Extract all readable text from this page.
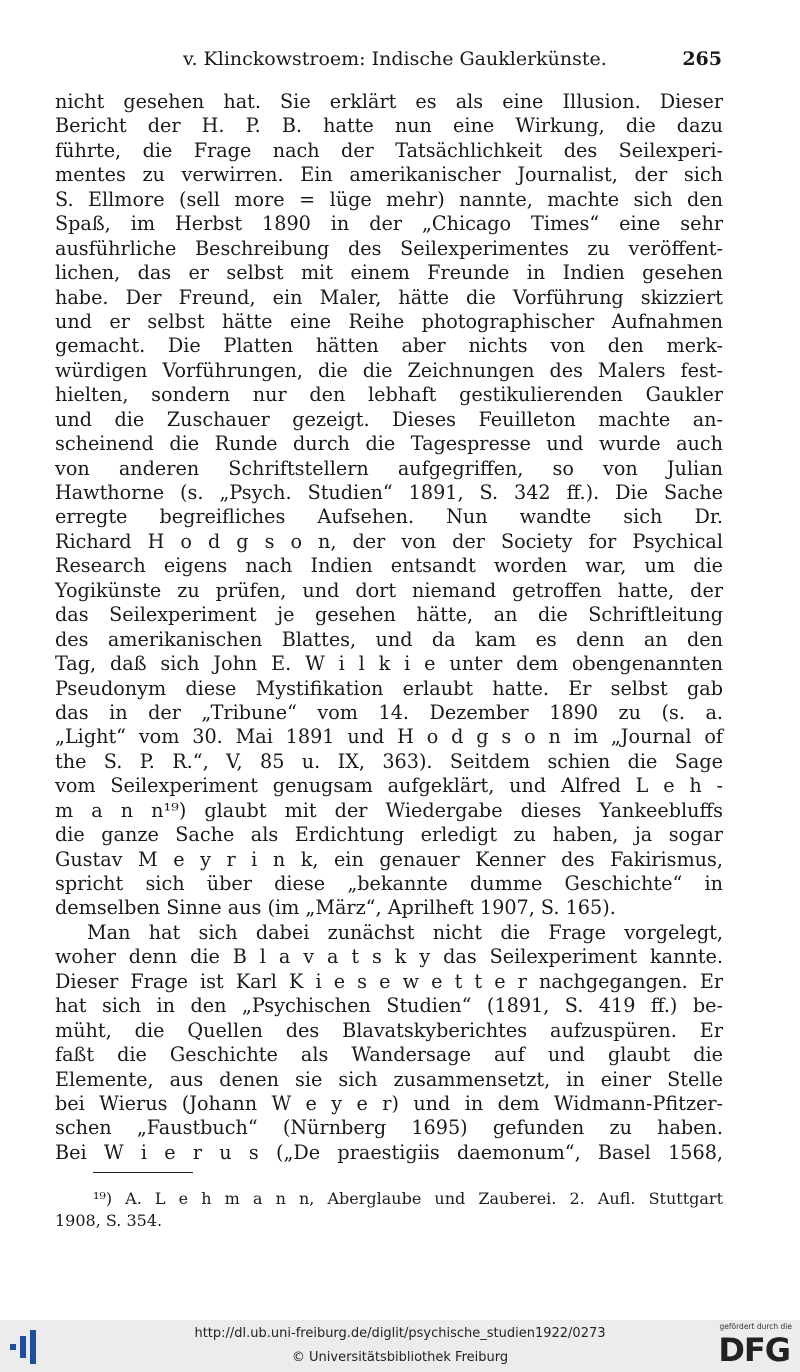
v. Klinckowstroem: Indische Gauklerkünste.	265
nicht gesehen hat. Sie erklärt es als eine Illusion. Dieser
Bericht der H. P. B. hatte nun eine Wirkung, die dazu
führte, die Frage nach der Tatsächlichkeit des Seilexperi-
mentes zu verwirren. Ein amerikanischer Journalist, der sich
S. Ellmore (sell more = lüge mehr) nannte, machte sich den
Spaß, im Herbst 1890 in der „Chicago Times“ eine sehr
ausführliche Beschreibung des Seilexperimentes zu veröffent-
lichen, das er selbst mit einem Freunde in Indien gesehen
habe. Der Freund, ein Maler, hätte die Vorführung skizziert
und er selbst hätte eine Reihe photographischer Aufnahmen
gemacht. Die Platten hätten aber nichts von den merk-
würdigen Vorführungen, die die Zeichnungen des Malers fest-
hielten, sondern nur den lebhaft gestikulierenden Gaukler
und die Zuschauer gezeigt. Dieses Feuilleton machte an-
scheinend die Runde durch die Tagespresse und wurde auch
von anderen Schriftstellern aufgegriffen, so von Julian
Hawthorne (s. „Psych. Studien“ 1891, S. 342 ff.). Die Sache
erregte begreifliches Aufsehen. Nun wandte sich Dr.
Richard H o d g s o n, der von der Society for Psychical
Research eigens nach Indien entsandt worden war, um die
Yogikünste zu prüfen, und dort niemand getroffen hatte, der
das Seilexperiment je gesehen hätte, an die Schriftleitung
des amerikanischen Blattes, und da kam es denn an den
Tag, daß sich John E. W i l k i e unter dem obengenannten
Pseudonym diese Mystifikation erlaubt hatte. Er selbst gab
das in der „Tribune“ vom 14. Dezember 1890 zu (s. a.
„Light“ vom 30. Mai 1891 und H o d g s o n im „Journal of
the S. P. R.“, V, 85 u. IX, 363). Seitdem schien die Sage
vom Seilexperiment genugsam aufgeklärt, und Alfred L e h -
m a n n¹⁹) glaubt mit der Wiedergabe dieses Yankeebluffs
die ganze Sache als Erdichtung erledigt zu haben, ja sogar
Gustav M e y r i n k, ein genauer Kenner des Fakirismus,
spricht sich über diese „bekannte dumme Geschichte“ in
demselben Sinne aus (im „März“, Aprilheft 1907, S. 165).
Man hat sich dabei zunächst nicht die Frage vorgelegt,
woher denn die B l a v a t s k y das Seilexperiment kannte.
Dieser Frage ist Karl K i e s e w e t t e r nachgegangen. Er
hat sich in den „Psychischen Studien“ (1891, S. 419 ff.) be-
müht, die Quellen des Blavatskyberichtes aufzuspüren. Er
faßt die Geschichte als Wandersage auf und glaubt die
Elemente, aus denen sie sich zusammensetzt, in einer Stelle
bei Wierus (Johann W e y e r) und in dem Widmann-Pfitzer-
schen „Faustbuch“ (Nürnberg 1695) gefunden zu haben.
Bei W i e r u s („De praestigiis daemonum“, Basel 1568,
¹⁹) A. L e h m a n n, Aberglaube und Zauberei. 2. Aufl. Stuttgart
1908, S. 354.
http://dl.ub.uni-freiburg.de/diglit/psychische_studien1922/0273
© Universitätsbibliothek Freiburg
gefördert durch die
DFG
